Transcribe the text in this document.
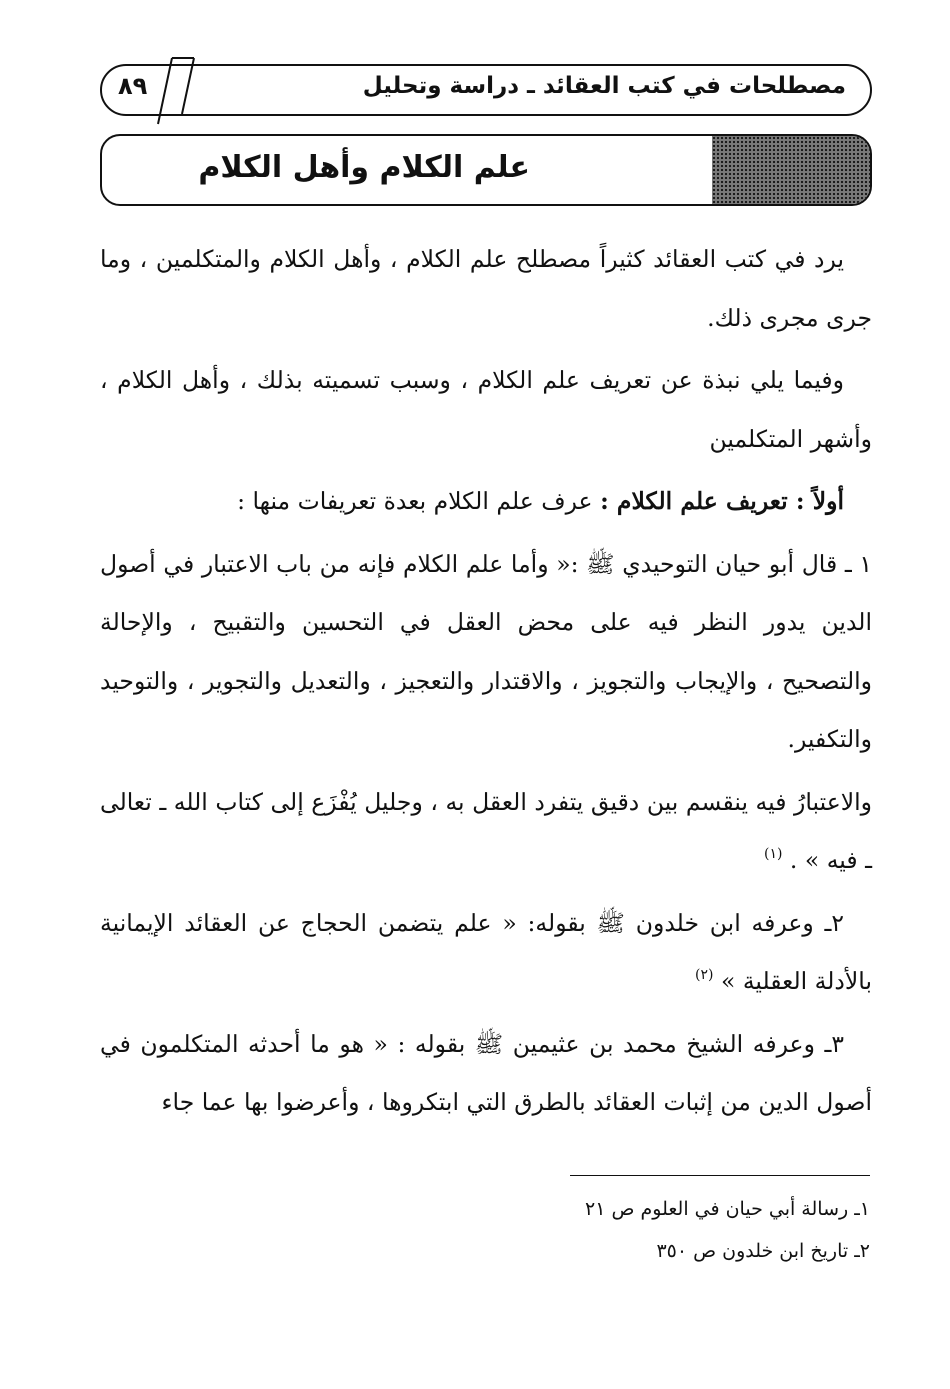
٨٩	مصطلحات في كتب العقائد ـ دراسة وتحليل
علم الكلام وأهل الكلام

يرد في كتب العقائد كثيراً مصطلح علم الكلام ، وأهل الكلام والمتكلمين ، وما جرى مجرى ذلك.

وفيما يلي نبذة عن تعريف علم الكلام ، وسبب تسميته بذلك ، وأهل الكلام ، وأشهر المتكلمين

أولاً : تعريف علم الكلام : عرف علم الكلام بعدة تعريفات منها :

١ ـ قال أبو حيان التوحيدي ﷺ :« وأما علم الكلام فإنه من باب الاعتبار في أصول الدين يدور النظر فيه على محض العقل في التحسين والتقبيح ، والإحالة والتصحيح ، والإيجاب والتجويز ، والاقتدار والتعجيز ، والتعديل والتجوير ، والتوحيد والتكفير.

والاعتبارُ فيه ينقسم بين دقيق يتفرد العقل به ، وجليل يُفْزَع إلى كتاب الله ـ تعالى ـ فيه » . $^{(١)}$

٢ـ وعرفه ابن خلدون ﷺ بقوله: « علم يتضمن الحجاج عن العقائد الإيمانية بالأدلة العقلية » $^{(٢)}$

٣ـ وعرفه الشيخ محمد بن عثيمين ﷺ بقوله : « هو ما أحدثه المتكلمون في أصول الدين من إثبات العقائد بالطرق التي ابتكروها ، وأعرضوا بها عما جاء

١ـ رسالة أبي حيان في العلوم ص ٢١
٢ـ تاريخ ابن خلدون ص ٣٥٠
